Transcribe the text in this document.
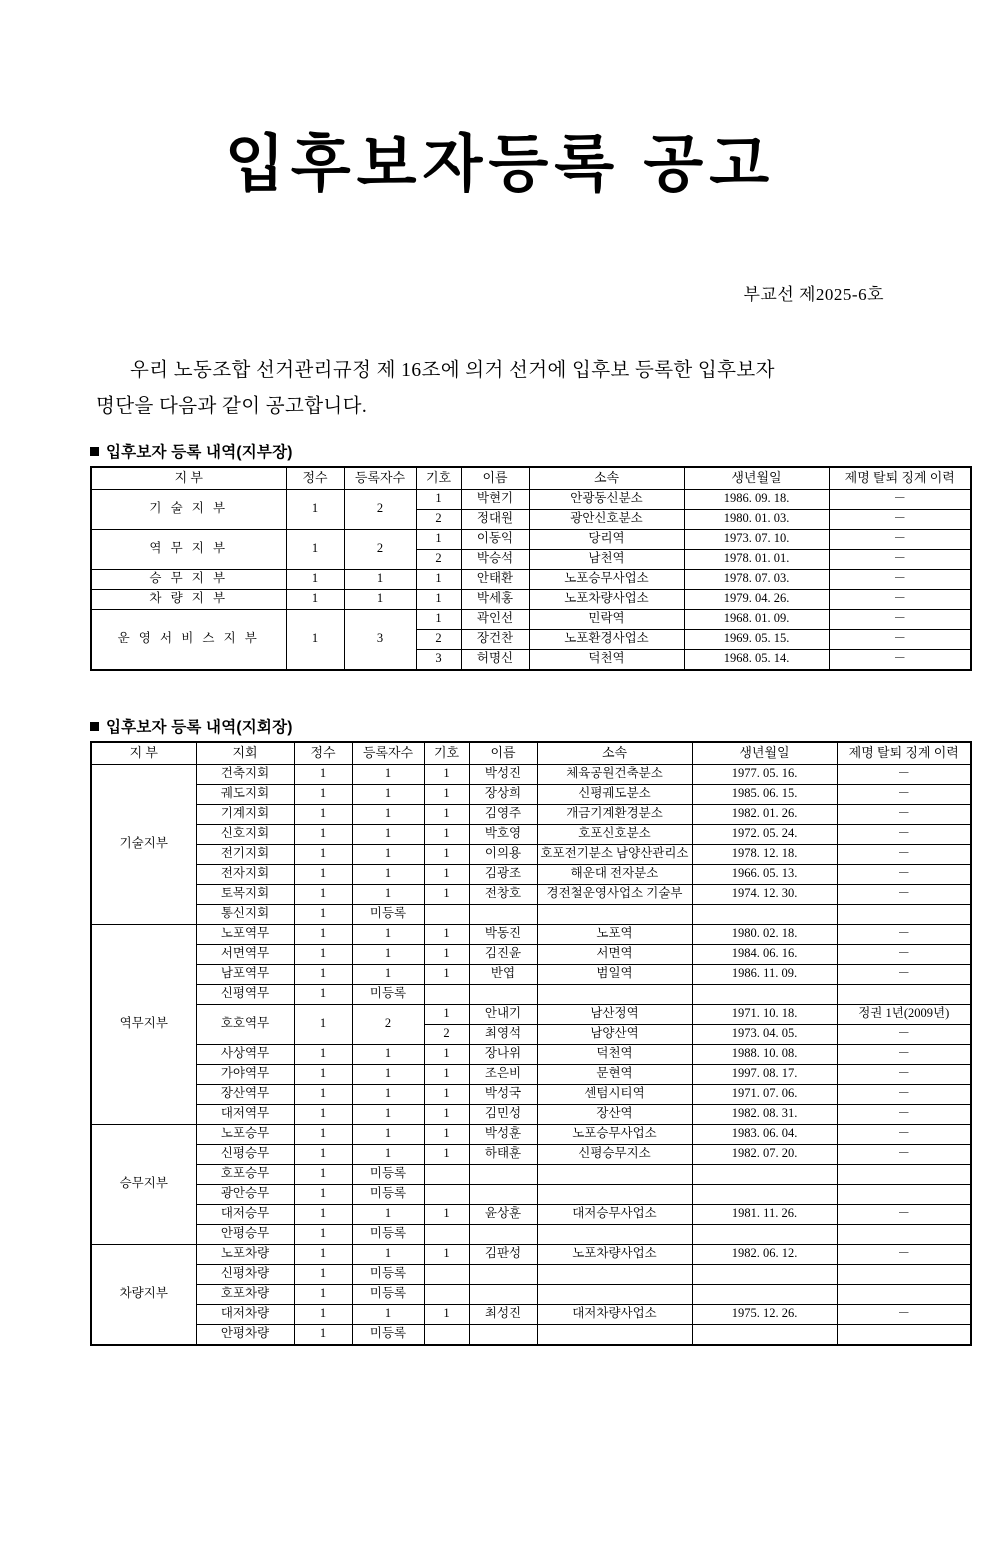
입후보자등록 공고
부교선 제2025-6호
우리 노동조합 선거관리규정 제 16조에 의거 선거에 입후보 등록한 입후보자
명단을 다음과 같이 공고합니다.
입후보자 등록 내역(지부장)
지 부	정수	등록자수	기호	이름	소속	생년월일	제명 탈퇴 징계 이력
기 술 지 부	1	2	1	박현기	안광동신분소	1986. 09. 18.	－
			2	정대원	광안신호분소	1980. 01. 03.	－
역 무 지 부	1	2	1	이동익	당리역	1973. 07. 10.	－
			2	박승석	남천역	1978. 01. 01.	－
승 무 지 부	1	1	1	안태환	노포승무사업소	1978. 07. 03.	－
차 량 지 부	1	1	1	박세홍	노포차량사업소	1979. 04. 26.	－
운 영 서 비 스 지 부	1	3	1	곽인선	민락역	1968. 01. 09.	－
			2	장건찬	노포환경사업소	1969. 05. 15.	－
			3	허명신	덕천역	1968. 05. 14.	－
입후보자 등록 내역(지회장)
지 부	지회	정수	등록자수	기호	이름	소속	생년월일	제명 탈퇴 징계 이력
기술지부	건축지회	1	1	1	박성진	체육공원건축분소	1977. 05. 16.	－
	궤도지회	1	1	1	장상희	신평궤도분소	1985. 06. 15.	－
	기계지회	1	1	1	김영주	개금기계환경분소	1982. 01. 26.	－
	신호지회	1	1	1	박호영	호포신호분소	1972. 05. 24.	－
	전기지회	1	1	1	이의용	호포전기분소 남양산관리소	1978. 12. 18.	－
	전자지회	1	1	1	김광조	해운대 전자분소	1966. 05. 13.	－
	토목지회	1	1	1	전창호	경전철운영사업소 기술부	1974. 12. 30.	－
	통신지회	1	미등록					
역무지부	노포역무	1	1	1	박동진	노포역	1980. 02. 18.	－
	서면역무	1	1	1	김진윤	서면역	1984. 06. 16.	－
	남포역무	1	1	1	반엽	범일역	1986. 11. 09.	－
	신평역무	1	미등록					
	호호역무	1	2	1	안내기	남산정역	1971. 10. 18.	정권 1년(2009년)
				2	최영석	남양산역	1973. 04. 05.	－
	사상역무	1	1	1	장나위	덕천역	1988. 10. 08.	－
	가야역무	1	1	1	조은비	문현역	1997. 08. 17.	－
	장산역무	1	1	1	박성국	센텀시티역	1971. 07. 06.	－
	대저역무	1	1	1	김민성	장산역	1982. 08. 31.	－
승무지부	노포승무	1	1	1	박성훈	노포승무사업소	1983. 06. 04.	－
	신평승무	1	1	1	하태훈	신평승무지소	1982. 07. 20.	－
	호포승무	1	미등록					
	광안승무	1	미등록					
	대저승무	1	1	1	윤상훈	대저승무사업소	1981. 11. 26.	－
	안평승무	1	미등록					
차량지부	노포차량	1	1	1	김판성	노포차량사업소	1982. 06. 12.	－
	신평차량	1	미등록					
	호포차량	1	미등록					
	대저차량	1	1	1	최성진	대저차량사업소	1975. 12. 26.	－
	안평차량	1	미등록					
